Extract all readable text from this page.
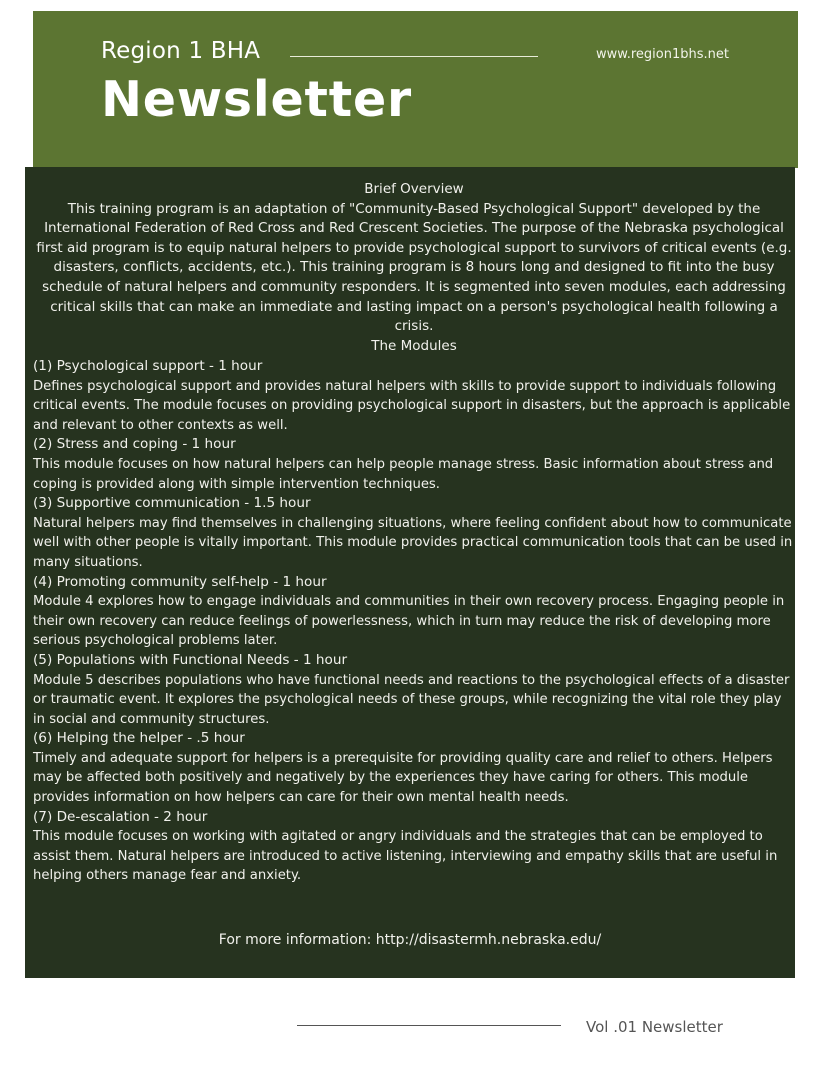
Region 1 BHA	www.region1bhs.net
Newsletter

Brief Overview

This training program is an adaptation of "Community-Based Psychological Support" developed by the International Federation of Red Cross and Red Crescent Societies. The purpose of the Nebraska psychological first aid program is to equip natural helpers to provide psychological support to survivors of critical events (e.g. disasters, conflicts, accidents, etc.). This training program is 8 hours long and designed to fit into the busy schedule of natural helpers and community responders. It is segmented into seven modules, each addressing critical skills that can make an immediate and lasting impact on a person's psychological health following a crisis.

The Modules

(1) Psychological support - 1 hour

Defines psychological support and provides natural helpers with skills to provide support to individuals following critical events. The module focuses on providing psychological support in disasters, but the approach is applicable and relevant to other contexts as well.

(2) Stress and coping - 1 hour

This module focuses on how natural helpers can help people manage stress. Basic information about stress and coping is provided along with simple intervention techniques.

(3) Supportive communication - 1.5 hour

Natural helpers may find themselves in challenging situations, where feeling confident about how to communicate well with other people is vitally important. This module provides practical communication tools that can be used in many situations.

(4) Promoting community self-help - 1 hour

Module 4 explores how to engage individuals and communities in their own recovery process. Engaging people in their own recovery can reduce feelings of powerlessness, which in turn may reduce the risk of developing more serious psychological problems later.

(5) Populations with Functional Needs - 1 hour

Module 5 describes populations who have functional needs and reactions to the psychological effects of a disaster or traumatic event. It explores the psychological needs of these groups, while recognizing the vital role they play in social and community structures.

(6) Helping the helper - .5 hour

Timely and adequate support for helpers is a prerequisite for providing quality care and relief to others. Helpers may be affected both positively and negatively by the experiences they have caring for others. This module provides information on how helpers can care for their own mental health needs.

(7) De-escalation - 2 hour

This module focuses on working with agitated or angry individuals and the strategies that can be employed to assist them. Natural helpers are introduced to active listening, interviewing and empathy skills that are useful in helping others manage fear and anxiety.

For more information: http://disastermh.nebraska.edu/
Vol .01 Newsletter
